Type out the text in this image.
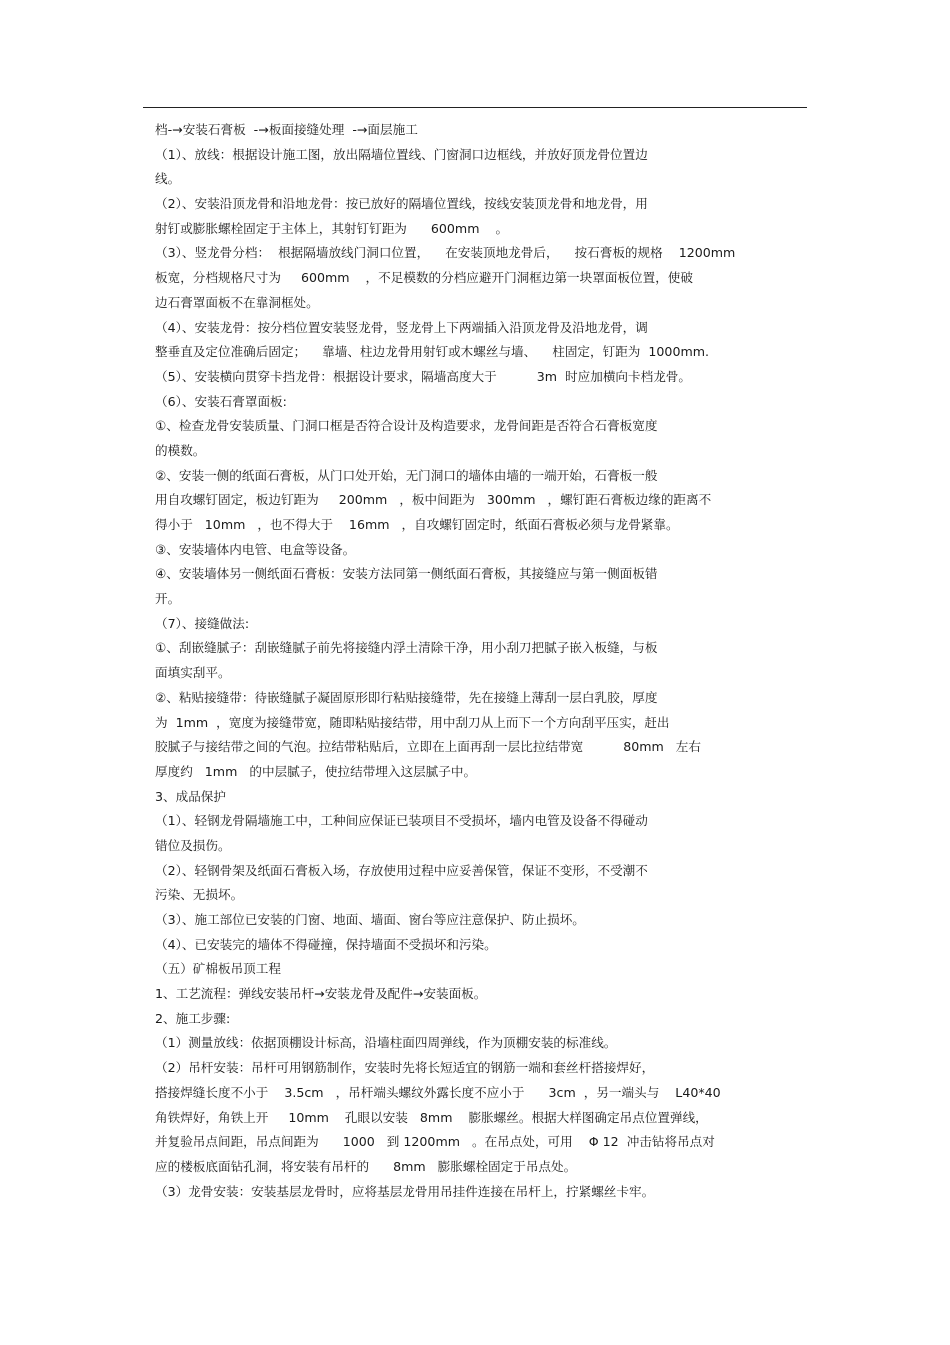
档-→安装石膏板  -→板面接缝处理  -→面层施工
（1）、放线：根据设计施工图，放出隔墙位置线、门窗洞口边框线，并放好顶龙骨位置边
线。
（2）、安装沿顶龙骨和沿地龙骨：按已放好的隔墙位置线，按线安装顶龙骨和地龙骨，用
射钉或膨胀螺栓固定于主体上，其射钉钉距为      600mm    。
（3）、竖龙骨分档：  根据隔墙放线门洞口位置，    在安装顶地龙骨后，    按石膏板的规格    1200mm
板宽，分档规格尺寸为     600mm    ，不足模数的分档应避开门洞框边第一块罩面板位置，使破
边石膏罩面板不在靠洞框处。
（4）、安装龙骨：按分档位置安装竖龙骨，竖龙骨上下两端插入沿顶龙骨及沿地龙骨，调
整垂直及定位准确后固定；    靠墙、柱边龙骨用射钉或木螺丝与墙、    柱固定，钉距为  1000mm.
（5）、安装横向贯穿卡挡龙骨：根据设计要求，隔墙高度大于          3m  时应加横向卡档龙骨。
（6）、安装石膏罩面板:
①、检查龙骨安装质量、门洞口框是否符合设计及构造要求，龙骨间距是否符合石膏板宽度
的模数。
②、安装一侧的纸面石膏板，从门口处开始，无门洞口的墙体由墙的一端开始，石膏板一般
用自攻螺钉固定，板边钉距为     200mm   ，板中间距为   300mm   ，螺钉距石膏板边缘的距离不
得小于   10mm   ，也不得大于    16mm   ，自攻螺钉固定时，纸面石膏板必须与龙骨紧靠。
③、安装墙体内电管、电盒等设备。
④、安装墙体另一侧纸面石膏板：安装方法同第一侧纸面石膏板，其接缝应与第一侧面板错
开。
（7）、接缝做法:
①、刮嵌缝腻子：刮嵌缝腻子前先将接缝内浮土清除干净，用小刮刀把腻子嵌入板缝，与板
面填实刮平。
②、粘贴接缝带：待嵌缝腻子凝固原形即行粘贴接缝带，先在接缝上薄刮一层白乳胶，厚度
为  1mm  ，宽度为接缝带宽，随即粘贴接结带，用中刮刀从上而下一个方向刮平压实，赶出
胶腻子与接结带之间的气泡。拉结带粘贴后，立即在上面再刮一层比拉结带宽          80mm   左右
厚度约   1mm   的中层腻子，使拉结带埋入这层腻子中。
3、成品保护
（1）、轻钢龙骨隔墙施工中，工种间应保证已装项目不受损坏，墙内电管及设备不得碰动
错位及损伤。
（2）、轻钢骨架及纸面石膏板入场，存放使用过程中应妥善保管，保证不变形，不受潮不
污染、无损坏。
（3）、施工部位已安装的门窗、地面、墙面、窗台等应注意保护、防止损坏。
（4）、已安装完的墙体不得碰撞，保持墙面不受损坏和污染。
（五）矿棉板吊顶工程
1、工艺流程：弹线安装吊杆→安装龙骨及配件→安装面板。
2、施工步骤:
（1）测量放线：依据顶棚设计标高，沿墙柱面四周弹线，作为顶棚安装的标准线。
（2）吊杆安装：吊杆可用钢筋制作，安装时先将长短适宜的钢筋一端和套丝杆搭接焊好，
搭接焊缝长度不小于    3.5cm   ，吊杆端头螺纹外露长度不应小于      3cm  ，另一端头与    L40*40
角铁焊好，角铁上开     10mm    孔眼以安装   8mm    膨胀螺丝。根据大样图确定吊点位置弹线，
并复验吊点间距，吊点间距为      1000   到 1200mm   。在吊点处，可用    Φ 12  冲击钻将吊点对
应的楼板底面钻孔洞，将安装有吊杆的      8mm   膨胀螺栓固定于吊点处。
（3）龙骨安装：安装基层龙骨时，应将基层龙骨用吊挂件连接在吊杆上，拧紧螺丝卡牢。
